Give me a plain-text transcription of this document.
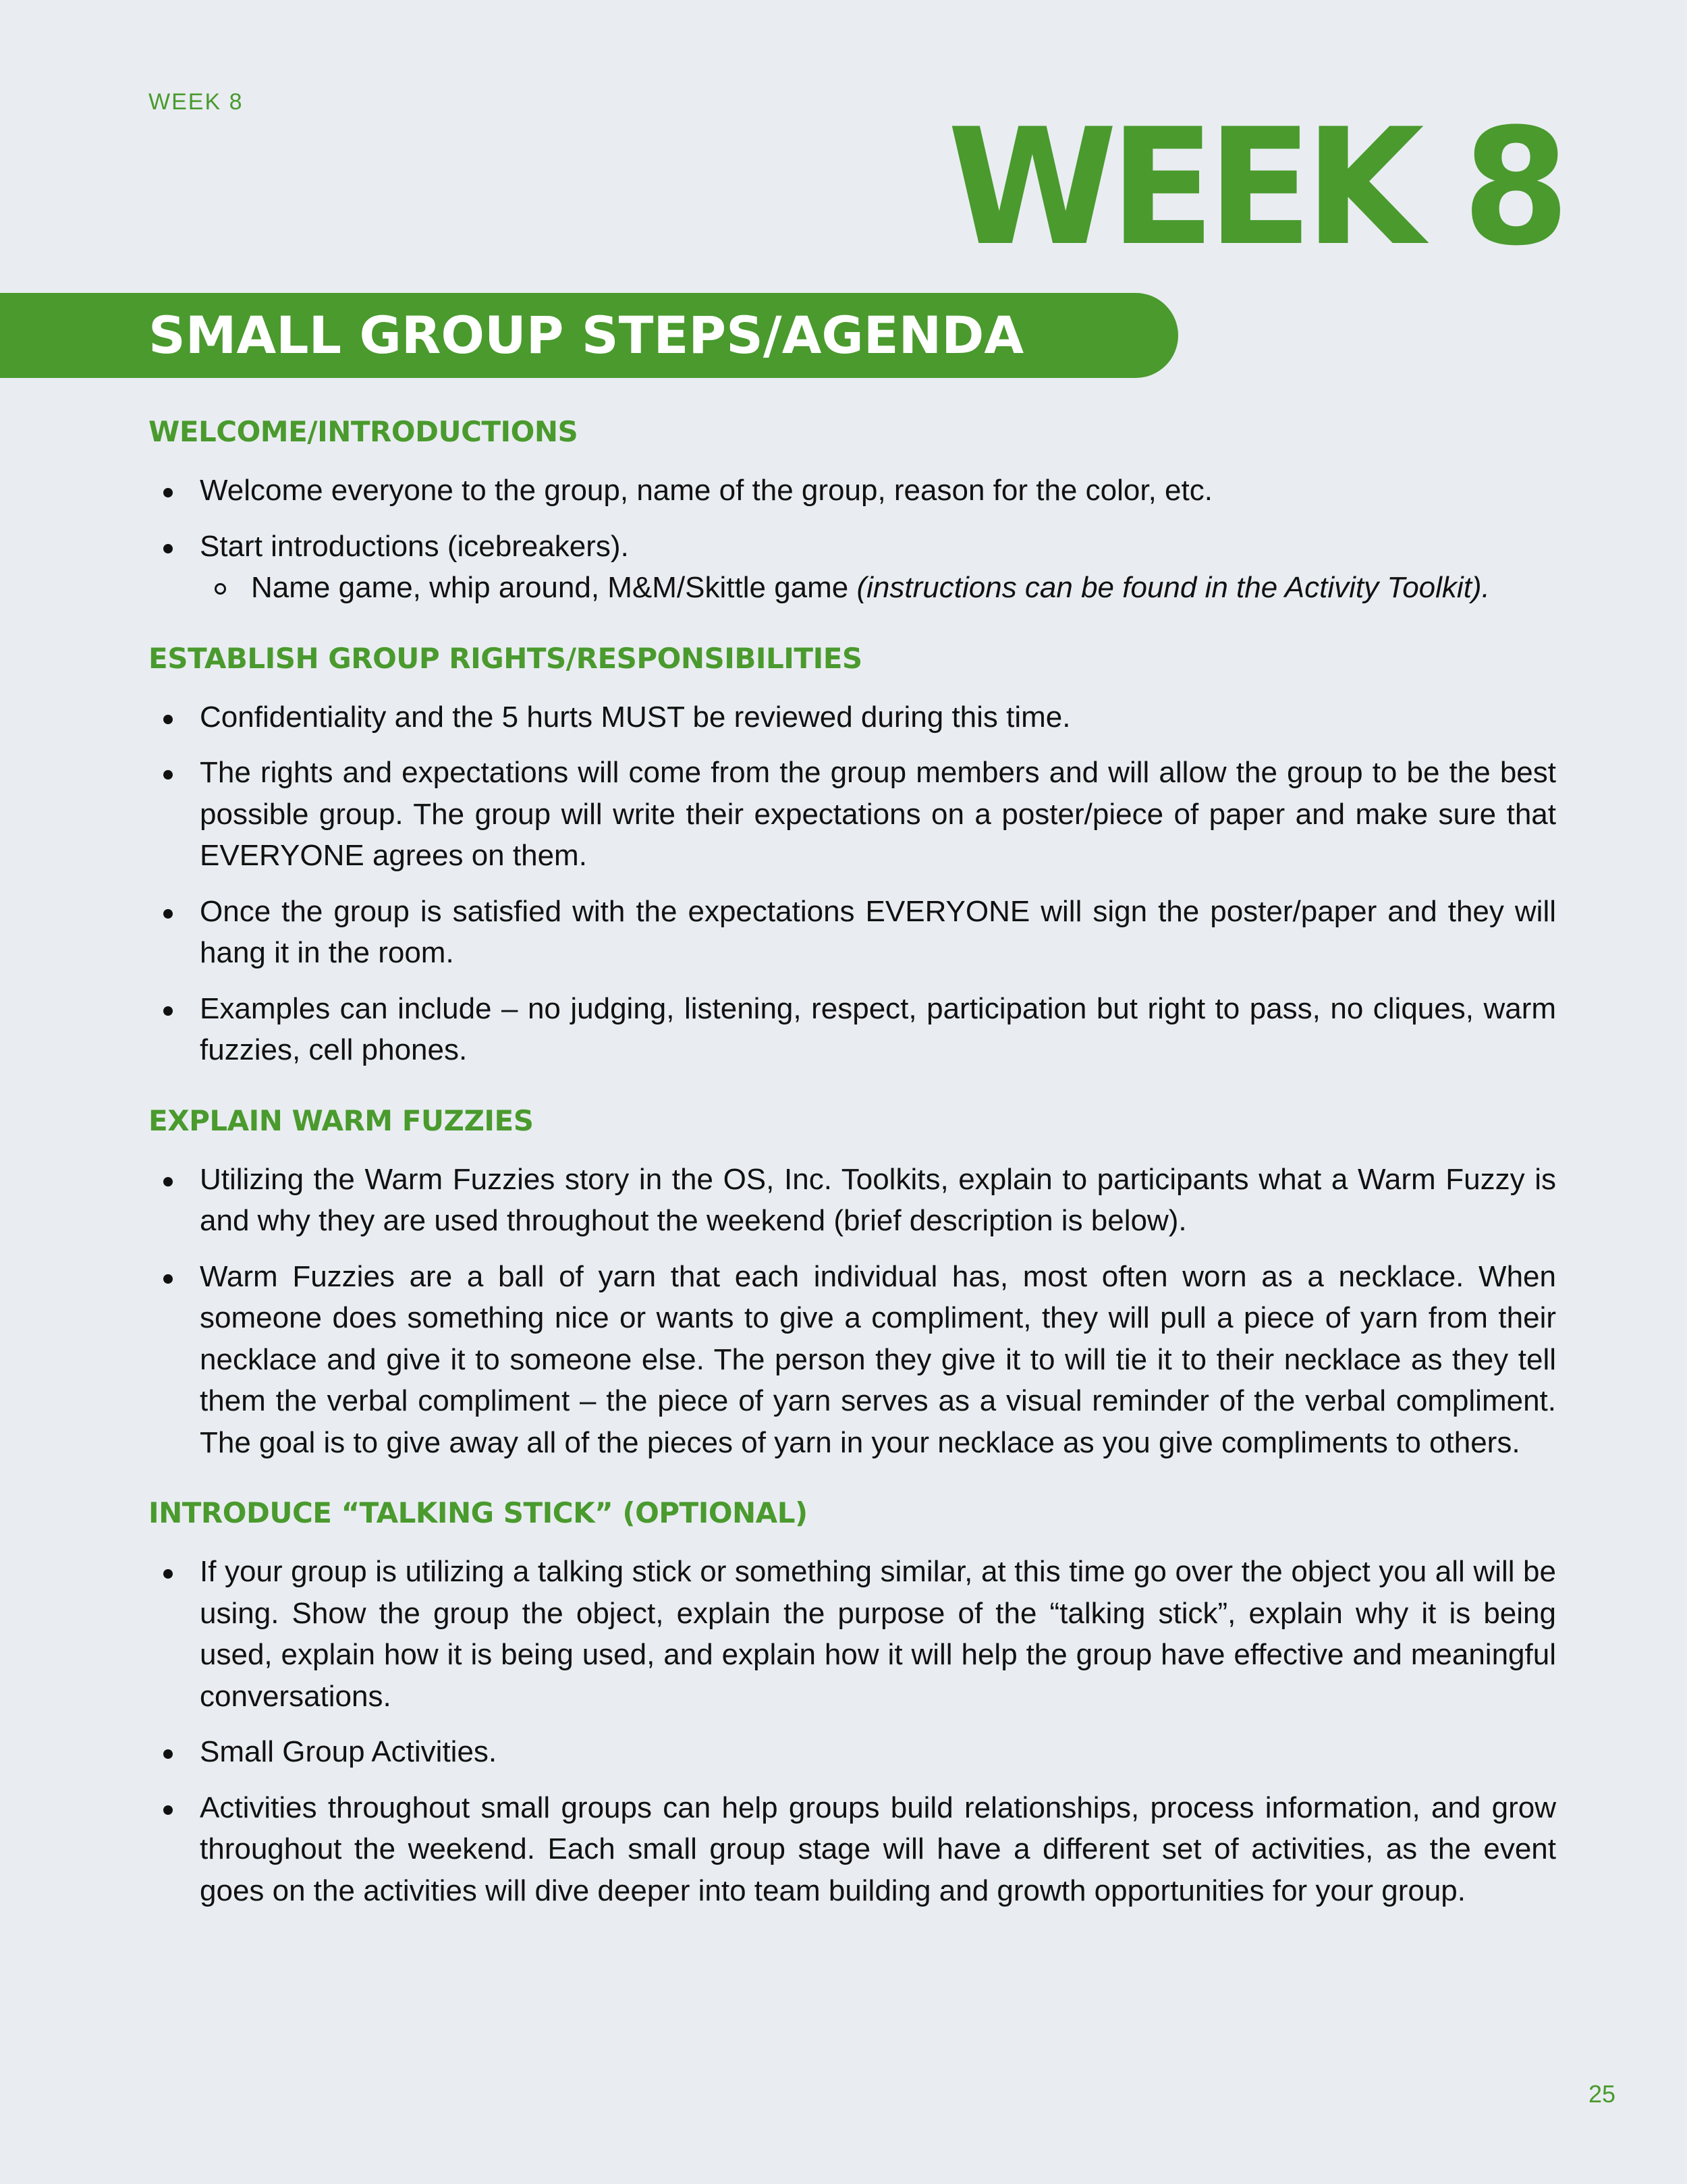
WEEK 8	WEEK 8
SMALL GROUP STEPS/AGENDA
WELCOME/INTRODUCTIONS
Welcome everyone to the group, name of the group, reason for the color, etc.
Start introductions (icebreakers).
Name game, whip around, M&M/Skittle game (instructions can be found in the Activity Toolkit).
ESTABLISH GROUP RIGHTS/RESPONSIBILITIES
Confidentiality and the 5 hurts MUST be reviewed during this time.
The rights and expectations will come from the group members and will allow the group to be the best possible group. The group will write their expectations on a poster/piece of paper and make sure that EVERYONE agrees on them.
Once the group is satisfied with the expectations EVERYONE will sign the poster/paper and they will hang it in the room.
Examples can include – no judging, listening, respect, participation but right to pass, no cliques, warm fuzzies, cell phones.
EXPLAIN WARM FUZZIES
Utilizing the Warm Fuzzies story in the OS, Inc. Toolkits, explain to participants what a Warm Fuzzy is and why they are used throughout the weekend (brief description is below).
Warm Fuzzies are a ball of yarn that each individual has, most often worn as a necklace. When someone does something nice or wants to give a compliment, they will pull a piece of yarn from their necklace and give it to someone else. The person they give it to will tie it to their necklace as they tell them the verbal compliment – the piece of yarn serves as a visual reminder of the verbal compliment. The goal is to give away all of the pieces of yarn in your necklace as you give compliments to others.
INTRODUCE “TALKING STICK” (OPTIONAL)
If your group is utilizing a talking stick or something similar, at this time go over the object you all will be using. Show the group the object, explain the purpose of the “talking stick”, explain why it is being used, explain how it is being used, and explain how it will help the group have effective and meaningful conversations.
Small Group Activities.
Activities throughout small groups can help groups build relationships, process information, and grow throughout the weekend. Each small group stage will have a different set of activities, as the event goes on the activities will dive deeper into team building and growth opportunities for your group.
25
